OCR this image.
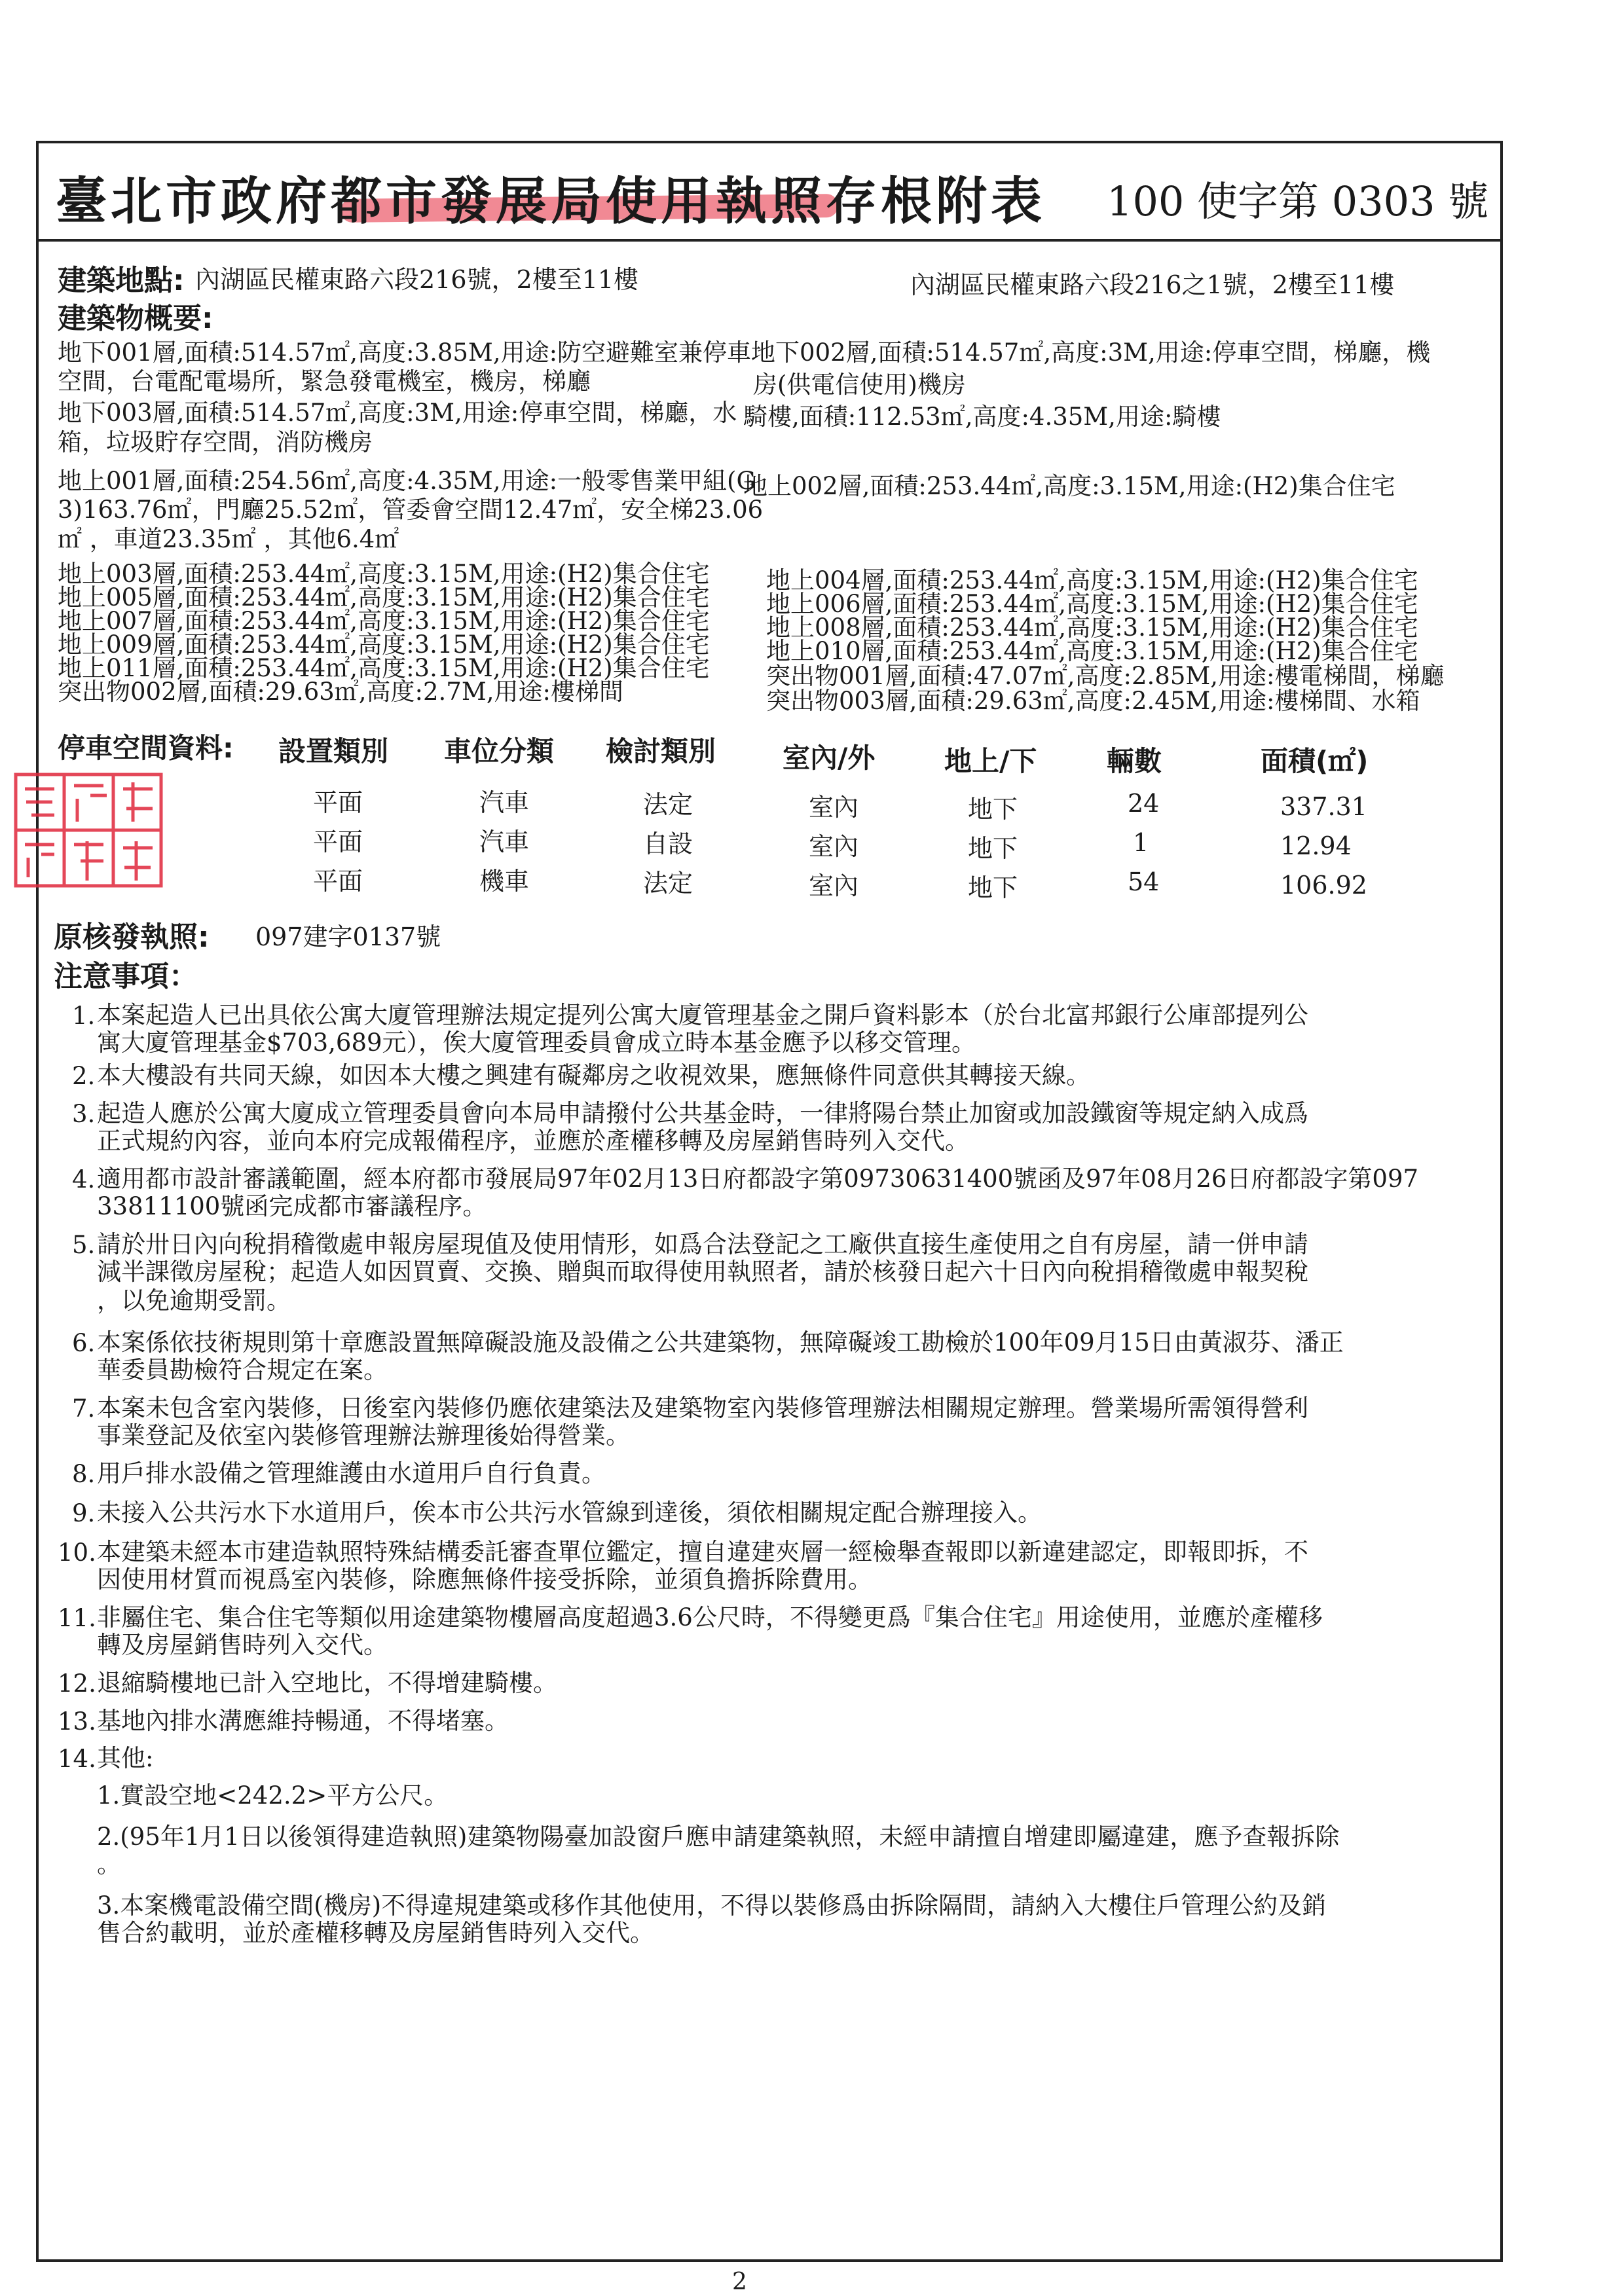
臺北市政府都市發展局使用執照存根附表 100 使字第 0303 號
建築地點: 內湖區民權東路六段216號，2樓至11樓	內湖區民權東路六段216之1號，2樓至11樓
建築物概要:
地下001層,面積:514.57㎡,高度:3.85M,用途:防空避難室兼停車地下002層,面積:514.57㎡,高度:3M,用途:停車空間，梯廳，機
空間，台電配電場所，緊急發電機室，機房，梯廳	房(供電信使用)機房
地下003層,面積:514.57㎡,高度:3M,用途:停車空間，梯廳，水 騎樓,面積:112.53㎡,高度:4.35M,用途:騎樓
箱，垃圾貯存空間，消防機房
地上001層,面積:254.56㎡,高度:4.35M,用途:一般零售業甲組(G
地上002層,面積:253.44㎡,高度:3.15M,用途:(H2)集合住宅
3)163.76㎡，門廳25.52㎡，管委會空間12.47㎡，安全梯23.06
㎡ ，車道23.35㎡ ，其他6.4㎡
地上003層,面積:253.44㎡,高度:3.15M,用途:(H2)集合住宅
地上005層,面積:253.44㎡,高度:3.15M,用途:(H2)集合住宅
地上007層,面積:253.44㎡,高度:3.15M,用途:(H2)集合住宅
地上009層,面積:253.44㎡,高度:3.15M,用途:(H2)集合住宅
地上011層,面積:253.44㎡,高度:3.15M,用途:(H2)集合住宅
突出物002層,面積:29.63㎡,高度:2.7M,用途:樓梯間
地上004層,面積:253.44㎡,高度:3.15M,用途:(H2)集合住宅
地上006層,面積:253.44㎡,高度:3.15M,用途:(H2)集合住宅
地上008層,面積:253.44㎡,高度:3.15M,用途:(H2)集合住宅
地上010層,面積:253.44㎡,高度:3.15M,用途:(H2)集合住宅
突出物001層,面積:47.07㎡,高度:2.85M,用途:樓電梯間，梯廳
突出物003層,面積:29.63㎡,高度:2.45M,用途:樓梯間、水箱
停車空間資料: 設置類別 車位分類 檢討類別 室內/外	地上/下	輛數	面積(㎡)
平面	汽車	法定	室內	地下	24	337.31
平面	汽車	自設	室內	地下	1	12.94
平面	機車	法定	室內	地下	54	106.92
原核發執照: 097建字0137號
注意事項：
1. 本案起造人已出具依公寓大廈管理辦法規定提列公寓大廈管理基金之開戶資料影本（於台北富邦銀行公庫部提列公
寓大廈管理基金$703,689元），俟大廈管理委員會成立時本基金應予以移交管理。
2. 本大樓設有共同天線，如因本大樓之興建有礙鄰房之收視效果，應無條件同意供其轉接天線。
3. 起造人應於公寓大廈成立管理委員會向本局申請撥付公共基金時，一律將陽台禁止加窗或加設鐵窗等規定納入成爲
正式規約內容，並向本府完成報備程序，並應於產權移轉及房屋銷售時列入交代。
4. 適用都市設計審議範圍，經本府都市發展局97年02月13日府都設字第09730631400號函及97年08月26日府都設字第097
33811100號函完成都市審議程序。
5. 請於卅日內向稅捐稽徵處申報房屋現值及使用情形，如爲合法登記之工廠供直接生產使用之自有房屋，請一併申請
減半課徵房屋稅；起造人如因買賣、交換、贈與而取得使用執照者，請於核發日起六十日內向稅捐稽徵處申報契稅
，以免逾期受罰。
6. 本案係依技術規則第十章應設置無障礙設施及設備之公共建築物，無障礙竣工勘檢於100年09月15日由黃淑芬、潘正
華委員勘檢符合規定在案。
7. 本案未包含室內裝修，日後室內裝修仍應依建築法及建築物室內裝修管理辦法相關規定辦理。營業場所需領得營利
事業登記及依室內裝修管理辦法辦理後始得營業。
8. 用戶排水設備之管理維護由水道用戶自行負責。
9. 未接入公共污水下水道用戶，俟本市公共污水管線到達後，須依相關規定配合辦理接入。
10. 本建築未經本市建造執照特殊結構委託審查單位鑑定，擅自違建夾層一經檢舉查報即以新違建認定，即報即拆，不
因使用材質而視爲室內裝修，除應無條件接受拆除，並須負擔拆除費用。
11. 非屬住宅、集合住宅等類似用途建築物樓層高度超過3.6公尺時，不得變更爲『集合住宅』用途使用，並應於產權移
轉及房屋銷售時列入交代。
12. 退縮騎樓地已計入空地比，不得增建騎樓。
13. 基地內排水溝應維持暢通，不得堵塞。
14. 其他:
1.實設空地<242.2>平方公尺。
2.(95年1月1日以後領得建造執照)建築物陽臺加設窗戶應申請建築執照，未經申請擅自增建即屬違建，應予查報拆除
。
3.本案機電設備空間(機房)不得違規建築或移作其他使用，不得以裝修爲由拆除隔間，請納入大樓住戶管理公約及銷
售合約載明，並於產權移轉及房屋銷售時列入交代。
2
